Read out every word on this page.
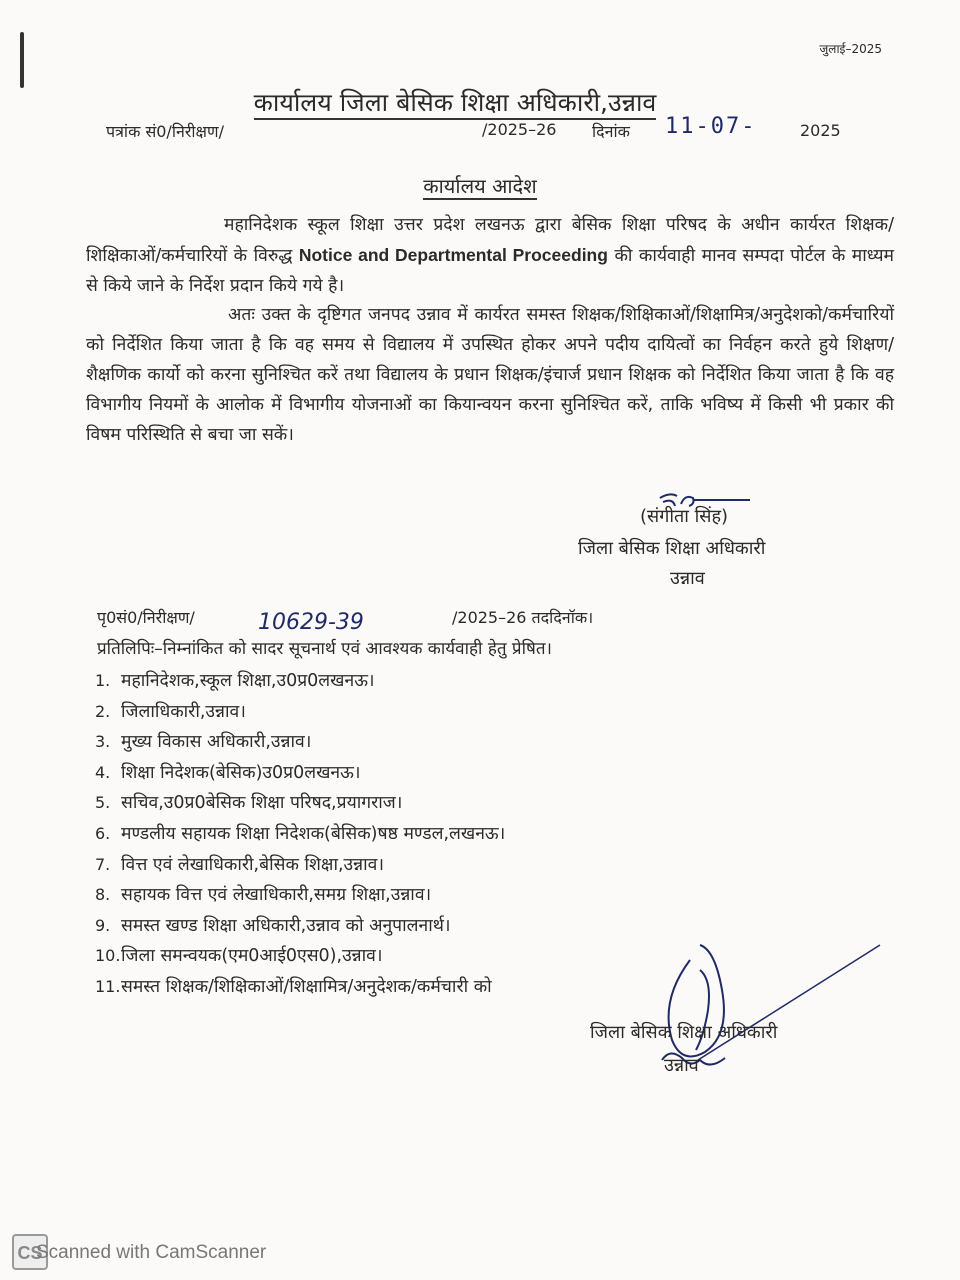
जुलाई–2025
कार्यालय जिला बेसिक शिक्षा अधिकारी,उन्नाव
पत्रांक सं0/निरीक्षण/	/2025–26 दिनांक 11-07-	2025
कार्यालय आदेश
महानिदेशक स्कूल शिक्षा उत्तर प्रदेश लखनऊ द्वारा बेसिक शिक्षा परिषद के अधीन कार्यरत शिक्षक/शिक्षिकाओं/कर्मचारियों के विरुद्ध Notice and Departmental Proceeding की कार्यवाही मानव सम्पदा पोर्टल के माध्यम से किये जाने के निर्देश प्रदान किये गये है।
अतः उक्त के दृष्टिगत जनपद उन्नाव में कार्यरत समस्त शिक्षक/शिक्षिकाओं/शिक्षामित्र/अनुदेशको/कर्मचारियों को निर्देशित किया जाता है कि वह समय से विद्यालय में उपस्थित होकर अपने पदीय दायित्वों का निर्वहन करते हुये शिक्षण/शैक्षणिक कार्यो को करना सुनिश्चित करें तथा विद्यालय के प्रधान शिक्षक/इंचार्ज प्रधान शिक्षक को निर्देशित किया जाता है कि वह विभागीय नियमों के आलोक में विभागीय योजनाओं का कियान्वयन करना सुनिश्चित करें, ताकि भविष्य में किसी भी प्रकार की विषम परिस्थिति से बचा जा सकें।
(संगीता सिंह)
जिला बेसिक शिक्षा अधिकारी
उन्नाव
पृ0सं0/निरीक्षण/	10629-39	/2025–26 तददिनॉक।
प्रतिलिपिः–निम्नांकित को सादर सूचनार्थ एवं आवश्यक कार्यवाही हेतु प्रेषित।
1. महानिदेशक,स्कूल शिक्षा,उ0प्र0लखनऊ।
2. जिलाधिकारी,उन्नाव।
3. मुख्य विकास अधिकारी,उन्नाव।
4. शिक्षा निदेशक(बेसिक)उ0प्र0लखनऊ।
5. सचिव,उ0प्र0बेसिक शिक्षा परिषद,प्रयागराज।
6. मण्डलीय सहायक शिक्षा निदेशक(बेसिक)षष्ठ मण्डल,लखनऊ।
7. वित्त एवं लेखाधिकारी,बेसिक शिक्षा,उन्नाव।
8. सहायक वित्त एवं लेखाधिकारी,समग्र शिक्षा,उन्नाव।
9. समस्त खण्ड शिक्षा अधिकारी,उन्नाव को अनुपालनार्थ।
10.जिला समन्वयक(एम0आई0एस0),उन्नाव।
11.समस्त शिक्षक/शिक्षिकाओं/शिक्षामित्र/अनुदेशक/कर्मचारी को
जिला बेसिक शिक्षा अधिकारी
उन्नाव
CS
Scanned with CamScanner
